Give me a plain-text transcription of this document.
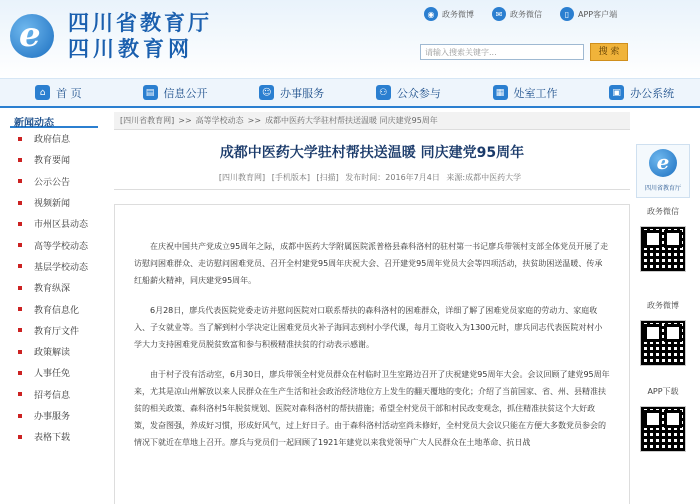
e 四川省教育厅
四川教育网
◉ 政务微博	✉ 政务微信	▯	APP客户端
请输入搜索关键字...	搜 索
⌂ 首 页	▤ 信息公开	☺ 办事服务	⚇ 公众参与	▦ 处室工作	▣ 办公系统
新闻动态
政府信息
教育要闻
公示公告
视频新闻
市州区县动态
高等学校动态
基层学校动态
教育纵深
教育信息化
教育厅文件
政策解读
人事任免
招考信息
办事服务
表格下载
[四川省教育网] >> 高等学校动态 >> 成都中医药大学驻村帮扶送温暖 同庆建党95周年
成都中医药大学驻村帮扶送温暖 同庆建党95周年
[四川教育网] [手机版本] [扫描] 发布时间：2016年7月4日 来源:成都中医药大学

在庆祝中国共产党成立95周年之际，成都中医药大学附属医院派普格县森科洛村的驻村第一书记廖兵带领村支部全体党员开展了走访慰问困难群众、走访慰问困难党员、召开全村建党95周年庆祝大会、召开建党95周年党员大会等四项活动，扶贫助困送温暖、传承红船薪火精神，同庆建党95周年。

6月28日，廖兵代表医院党委走访并慰问医院对口联系帮扶的森科洛村的困难群众，详细了解了困难党员家庭的劳动力、家庭收入、子女就业等。当了解到村小学决定让困难党员火补子海同志到村小学代课，每月工资收入为1300元时，廖兵同志代表医院对村小学大力支持困难党员脱贫致富和参与积极精准扶贫的行动表示感谢。

由于村子没有活动室，6月30日，廖兵带领全村党员群众在村临时卫生室路边召开了庆祝建党95周年大会。会议回顾了建党95周年来，尤其是凉山州解放以来人民群众在生产生活和社会政治经济地位方上发生的翻天覆地的变化；介绍了当前国家、省、州、县精准扶贫的相关政策、森科洛村5年脱贫规划、医院对森科洛村的帮扶措施；希望全村党员干部和村民改变观念，抓住精准扶贫这个大好政策，发奋图强，养成好习惯，形成好风气，过上好日子。由于森科洛村活动室尚未修好，全村党员大会议只能在方便大多数党员参会的情况下就近在草地上召开。廖兵与党员们一起回顾了1921年建党以来我党领导广大人民群众在土地革命、抗日战

e
四川省教育厅
政务微信
政务微博
APP下载
